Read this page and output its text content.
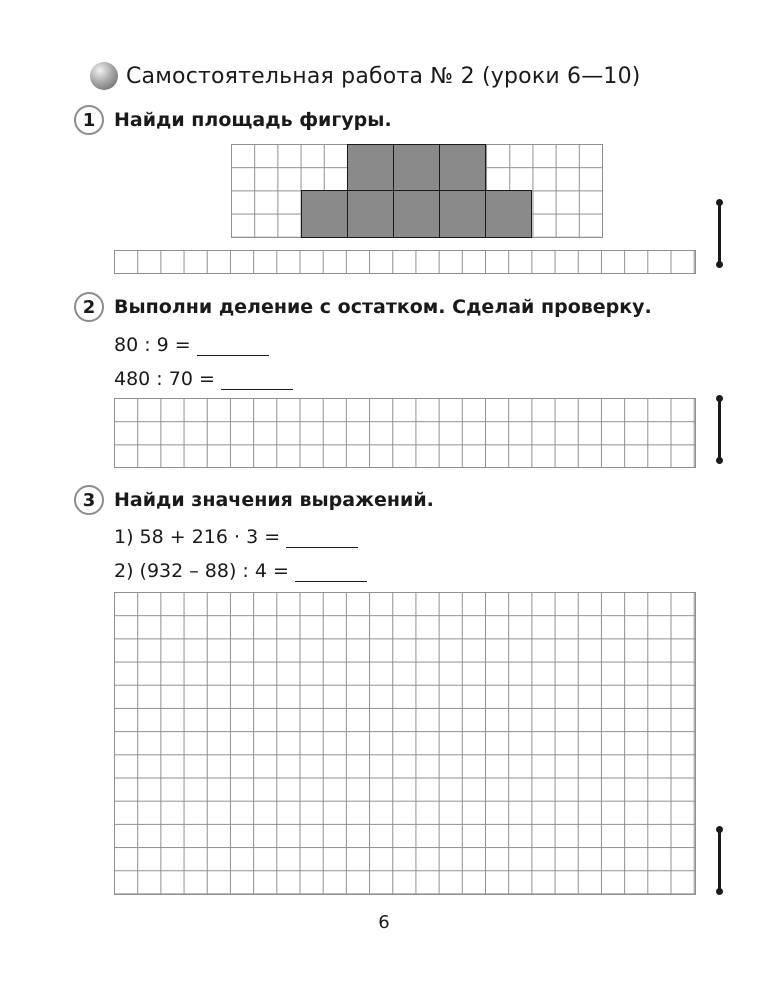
Самостоятельная работа № 2 (уроки 6—10)
1 Найди площадь фигуры.
2 Выполни деление с остатком. Сделай проверку.
80 : 9 =
480 : 70 =
3 Найди значения выражений.
1) 58 + 216 · 3 =
2) (932 – 88) : 4 =
6
